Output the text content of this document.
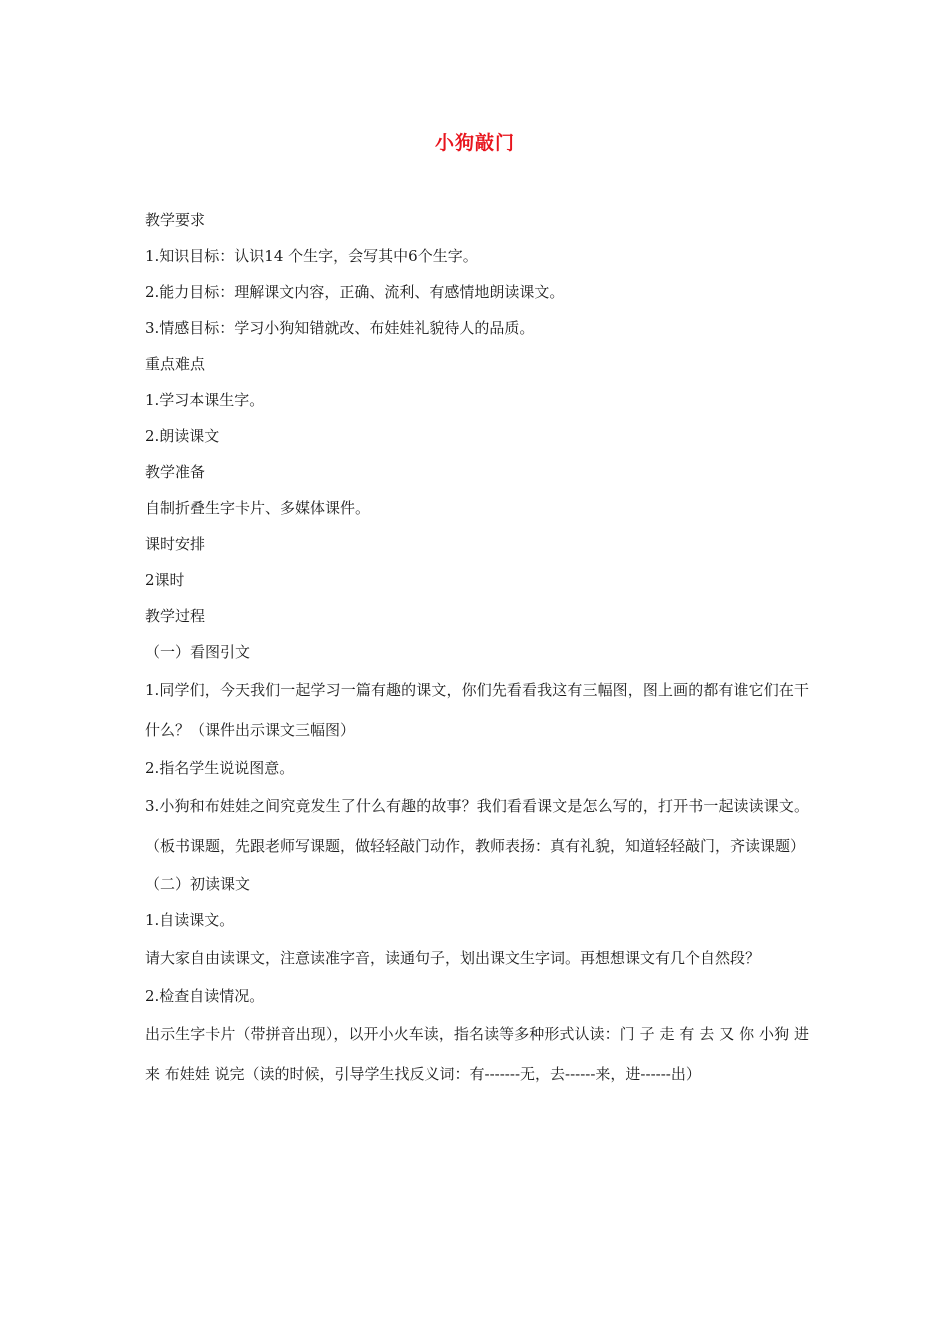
小狗敲门
教学要求
1.知识目标：认识14 个生字，会写其中6个生字。
2.能力目标：理解课文内容，正确、流利、有感情地朗读课文。
3.情感目标：学习小狗知错就改、布娃娃礼貌待人的品质。
重点难点
1.学习本课生字。
2.朗读课文
教学准备
自制折叠生字卡片、多媒体课件。
课时安排
2课时
教学过程
（一）看图引文
1.同学们，今天我们一起学习一篇有趣的课文，你们先看看我这有三幅图，图上画的都有谁它们在干什么？（课件出示课文三幅图）
2.指名学生说说图意。
3.小狗和布娃娃之间究竟发生了什么有趣的故事？我们看看课文是怎么写的，打开书一起读读课文。（板书课题，先跟老师写课题，做轻轻敲门动作，教师表扬：真有礼貌，知道轻轻敲门，齐读课题）
（二）初读课文
1.自读课文。
请大家自由读课文，注意读准字音，读通句子，划出课文生字词。再想想课文有几个自然段？
2.检查自读情况。
出示生字卡片（带拼音出现），以开小火车读，指名读等多种形式认读：门 子 走 有 去 又 你 小狗 进来 布娃娃 说完（读的时候，引导学生找反义词：有-------无，去------来，进------出）
